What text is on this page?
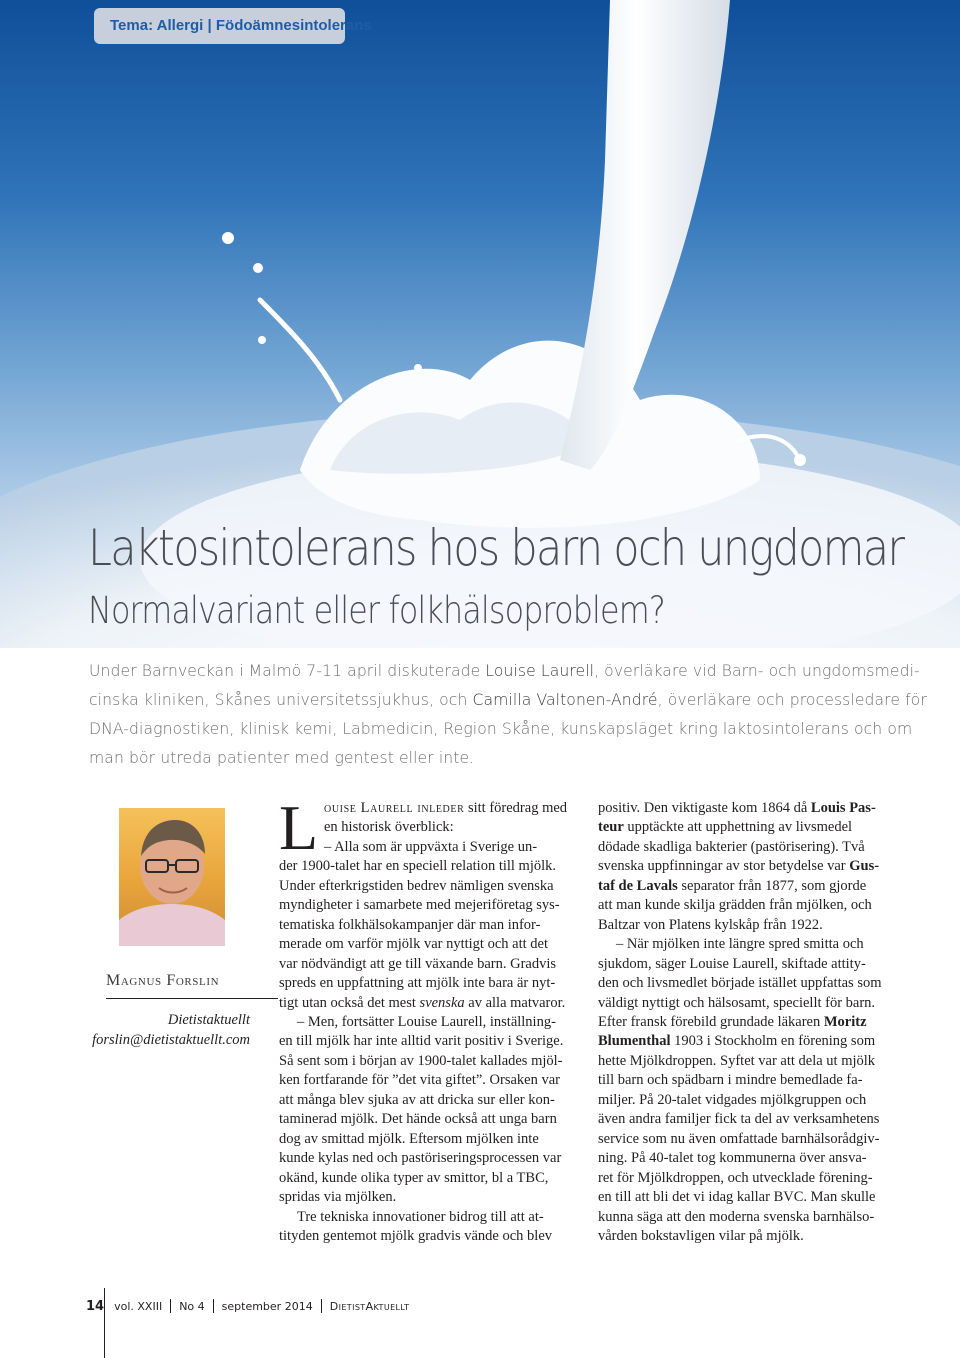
Tema: Allergi | Födoämnesintolerans
Laktosintolerans hos barn och ungdomar
Normalvariant eller folkhälsoproblem?
Under Barnveckan i Malmö 7-11 april diskuterade Louise Laurell, överläkare vid Barn- och ungdomsmedi-
cinska kliniken, Skånes universitetssjukhus, och Camilla Valtonen-André, överläkare och processledare för
DNA-diagnostiken, klinisk kemi, Labmedicin, Region Skåne, kunskapsläget kring laktosintolerans och om
man bör utreda patienter med gentest eller inte.
Magnus Forslin
Dietistaktuellt
forslin@dietistaktuellt.com
L ouise Laurell inleder sitt föredrag med
en historisk överblick:
– Alla som är uppväxta i Sverige un-
der 1900-talet har en speciell relation till mjölk.
Under efterkrigstiden bedrev nämligen svenska
myndigheter i samarbete med mejeriföretag sys-
tematiska folkhälsokampanjer där man infor-
merade om varför mjölk var nyttigt och att det
var nödvändigt att ge till växande barn. Gradvis
spreds en uppfattning att mjölk inte bara är nyt-
tigt utan också det mest svenska av alla matvaror.
– Men, fortsätter Louise Laurell, inställning-
en till mjölk har inte alltid varit positiv i Sverige.
Så sent som i början av 1900-talet kallades mjöl-
ken fortfarande för ”det vita giftet”. Orsaken var
att många blev sjuka av att dricka sur eller kon-
taminerad mjölk. Det hände också att unga barn
dog av smittad mjölk. Eftersom mjölken inte
kunde kylas ned och pastöriseringsprocessen var
okänd, kunde olika typer av smittor, bl a TBC,
spridas via mjölken.
Tre tekniska innovationer bidrog till att at-
tityden gentemot mjölk gradvis vände och blev
positiv. Den viktigaste kom 1864 då Louis Pas-
teur upptäckte att upphettning av livsmedel
dödade skadliga bakterier (pastörisering). Två
svenska uppfinningar av stor betydelse var Gus-
taf de Lavals separator från 1877, som gjorde
att man kunde skilja grädden från mjölken, och
Baltzar von Platens kylskåp från 1922.
– När mjölken inte längre spred smitta och
sjukdom, säger Louise Laurell, skiftade attity-
den och livsmedlet började istället uppfattas som
väldigt nyttigt och hälsosamt, speciellt för barn.
Efter fransk förebild grundade läkaren Moritz
Blumenthal 1903 i Stockholm en förening som
hette Mjölkdroppen. Syftet var att dela ut mjölk
till barn och spädbarn i mindre bemedlade fa-
miljer. På 20-talet vidgades mjölkgruppen och
även andra familjer fick ta del av verksamhetens
service som nu även omfattade barnhälsorådgiv-
ning. På 40-talet tog kommunerna över ansva-
ret för Mjölkdroppen, och utvecklade förening-
en till att bli det vi idag kallar BVC. Man skulle
kunna säga att den moderna svenska barnhälso-
vården bokstavligen vilar på mjölk.
14 vol. XXIII No 4 september 2014 DietistAktuellt
